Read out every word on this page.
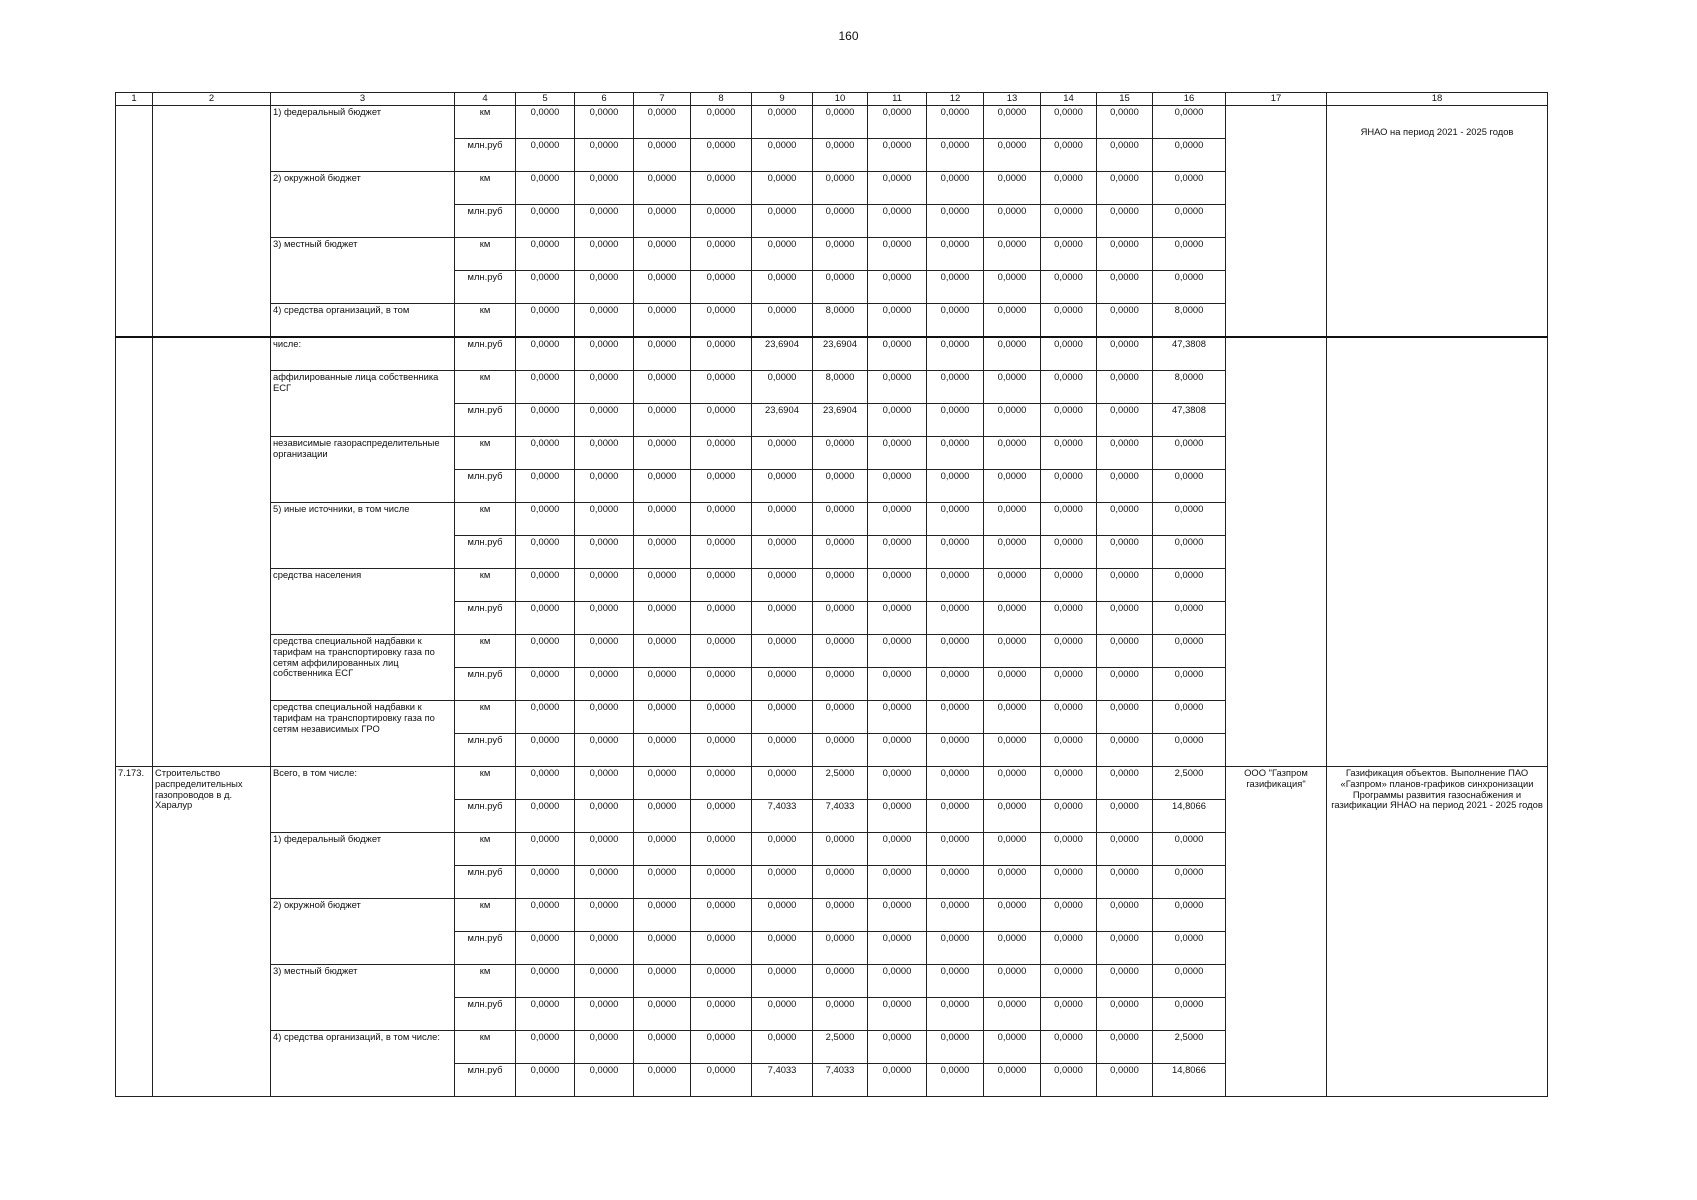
160
1	2	3	4	5	6	7	8	9	10	11	12	13	14	15	16	17	18
		1) федеральный бюджет	км	0,0000	0,0000	0,0000	0,0000	0,0000	0,0000	0,0000	0,0000	0,0000	0,0000	0,0000	0,0000		ЯНАО на период 2021 - 2025 годов

			млн.руб	0,0000	0,0000	0,0000	0,0000	0,0000	0,0000	0,0000	0,0000	0,0000	0,0000	0,0000	0,0000		
		2) окружной бюджет	км	0,0000	0,0000	0,0000	0,0000	0,0000	0,0000	0,0000	0,0000	0,0000	0,0000	0,0000	0,0000		
			млн.руб	0,0000	0,0000	0,0000	0,0000	0,0000	0,0000	0,0000	0,0000	0,0000	0,0000	0,0000	0,0000		
		3) местный бюджет	км	0,0000	0,0000	0,0000	0,0000	0,0000	0,0000	0,0000	0,0000	0,0000	0,0000	0,0000	0,0000		
			млн.руб	0,0000	0,0000	0,0000	0,0000	0,0000	0,0000	0,0000	0,0000	0,0000	0,0000	0,0000	0,0000		
		4) средства организаций, в том	км	0,0000	0,0000	0,0000	0,0000	0,0000	8,0000	0,0000	0,0000	0,0000	0,0000	0,0000	8,0000		
		числе:	млн.руб	0,0000	0,0000	0,0000	0,0000	23,6904	23,6904	0,0000	0,0000	0,0000	0,0000	0,0000	47,3808		
		аффилированные лица собственника ЕСГ	км	0,0000	0,0000	0,0000	0,0000	0,0000	8,0000	0,0000	0,0000	0,0000	0,0000	0,0000	8,0000		
			млн.руб	0,0000	0,0000	0,0000	0,0000	23,6904	23,6904	0,0000	0,0000	0,0000	0,0000	0,0000	47,3808		
		независимые газораспределительные организации	км	0,0000	0,0000	0,0000	0,0000	0,0000	0,0000	0,0000	0,0000	0,0000	0,0000	0,0000	0,0000		
			млн.руб	0,0000	0,0000	0,0000	0,0000	0,0000	0,0000	0,0000	0,0000	0,0000	0,0000	0,0000	0,0000		
		5) иные источники, в том числе	км	0,0000	0,0000	0,0000	0,0000	0,0000	0,0000	0,0000	0,0000	0,0000	0,0000	0,0000	0,0000		
			млн.руб	0,0000	0,0000	0,0000	0,0000	0,0000	0,0000	0,0000	0,0000	0,0000	0,0000	0,0000	0,0000		
		средства населения	км	0,0000	0,0000	0,0000	0,0000	0,0000	0,0000	0,0000	0,0000	0,0000	0,0000	0,0000	0,0000		
			млн.руб	0,0000	0,0000	0,0000	0,0000	0,0000	0,0000	0,0000	0,0000	0,0000	0,0000	0,0000	0,0000		
		средства специальной надбавки к тарифам на транспортировку газа по сетям аффилированных лиц собственника ЕСГ	км	0,0000	0,0000	0,0000	0,0000	0,0000	0,0000	0,0000	0,0000	0,0000	0,0000	0,0000	0,0000		
			млн.руб	0,0000	0,0000	0,0000	0,0000	0,0000	0,0000	0,0000	0,0000	0,0000	0,0000	0,0000	0,0000		
		средства специальной надбавки к тарифам на транспортировку газа по сетям независимых ГРО	км	0,0000	0,0000	0,0000	0,0000	0,0000	0,0000	0,0000	0,0000	0,0000	0,0000	0,0000	0,0000		
			млн.руб	0,0000	0,0000	0,0000	0,0000	0,0000	0,0000	0,0000	0,0000	0,0000	0,0000	0,0000	0,0000		
7.173.	Строительство распределительных газопроводов в д. Харалур	Всего, в том числе:	км	0,0000	0,0000	0,0000	0,0000	0,0000	2,5000	0,0000	0,0000	0,0000	0,0000	0,0000	2,5000	ООО "Газпром газификация"	Газификация объектов. Выполнение ПАО «Газпром» планов-графиков синхронизации Программы развития газоснабжения и газификации ЯНАО на период 2021 - 2025 годов
			млн.руб	0,0000	0,0000	0,0000	0,0000	7,4033	7,4033	0,0000	0,0000	0,0000	0,0000	0,0000	14,8066		
		1) федеральный бюджет	км	0,0000	0,0000	0,0000	0,0000	0,0000	0,0000	0,0000	0,0000	0,0000	0,0000	0,0000	0,0000		
			млн.руб	0,0000	0,0000	0,0000	0,0000	0,0000	0,0000	0,0000	0,0000	0,0000	0,0000	0,0000	0,0000		
		2) окружной бюджет	км	0,0000	0,0000	0,0000	0,0000	0,0000	0,0000	0,0000	0,0000	0,0000	0,0000	0,0000	0,0000		
			млн.руб	0,0000	0,0000	0,0000	0,0000	0,0000	0,0000	0,0000	0,0000	0,0000	0,0000	0,0000	0,0000		
		3) местный бюджет	км	0,0000	0,0000	0,0000	0,0000	0,0000	0,0000	0,0000	0,0000	0,0000	0,0000	0,0000	0,0000		
			млн.руб	0,0000	0,0000	0,0000	0,0000	0,0000	0,0000	0,0000	0,0000	0,0000	0,0000	0,0000	0,0000		
		4) средства организаций, в том числе:	км	0,0000	0,0000	0,0000	0,0000	0,0000	2,5000	0,0000	0,0000	0,0000	0,0000	0,0000	2,5000		
			млн.руб	0,0000	0,0000	0,0000	0,0000	7,4033	7,4033	0,0000	0,0000	0,0000	0,0000	0,0000	14,8066		
